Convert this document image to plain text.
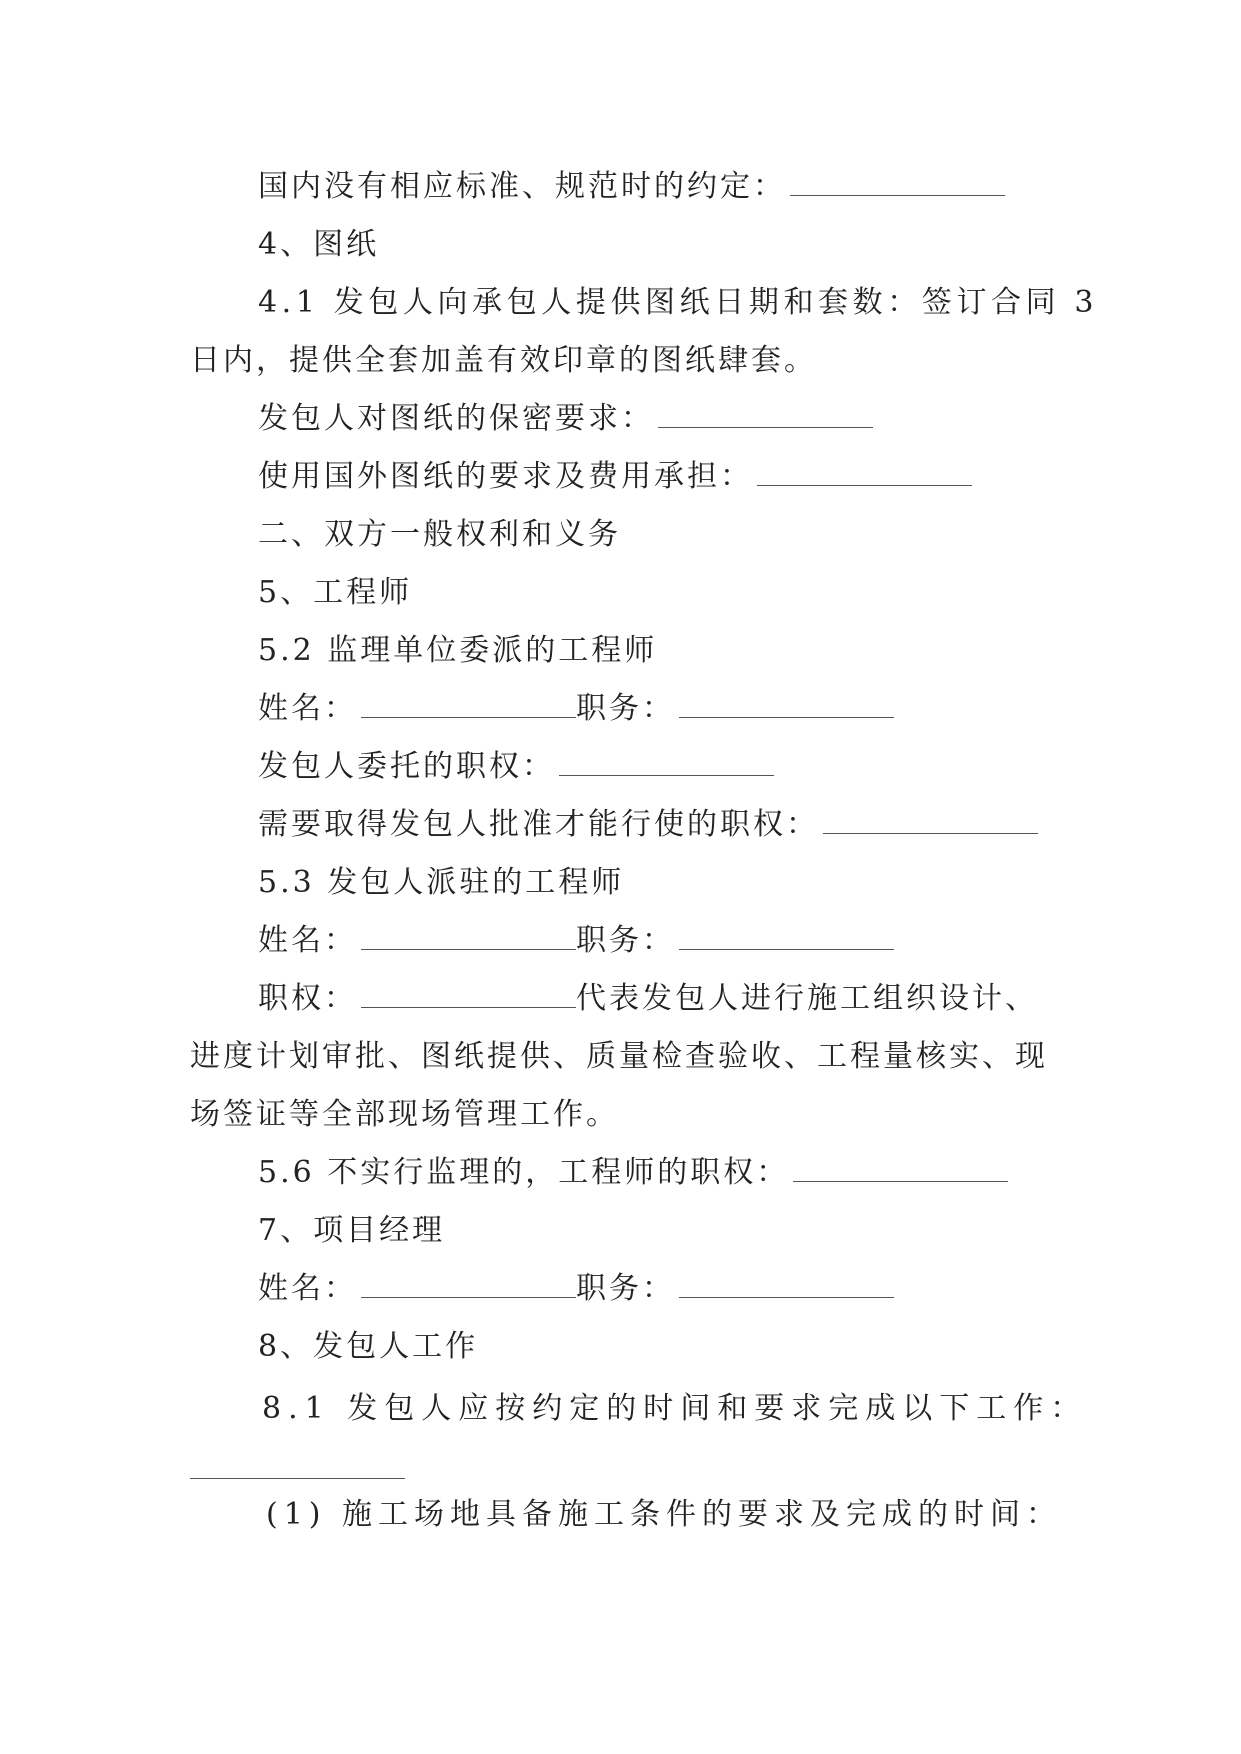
国内没有相应标准、规范时的约定：
4、图纸
4.1 发包人向承包人提供图纸日期和套数：签订合同 3
日内，提供全套加盖有效印章的图纸肆套。
发包人对图纸的保密要求：
使用国外图纸的要求及费用承担：
二、双方一般权利和义务
5、工程师
5.2 监理单位委派的工程师
姓名：	职务：
发包人委托的职权：
需要取得发包人批准才能行使的职权：
5.3 发包人派驻的工程师
姓名：	职务：
职权：	代表发包人进行施工组织设计、
进度计划审批、图纸提供、质量检查验收、工程量核实、现
场签证等全部现场管理工作。
5.6 不实行监理的，工程师的职权：
7、项目经理
姓名：	职务：
8、发包人工作
8.1 发包人应按约定的时间和要求完成以下工作：
(1) 施工场地具备施工条件的要求及完成的时间：
